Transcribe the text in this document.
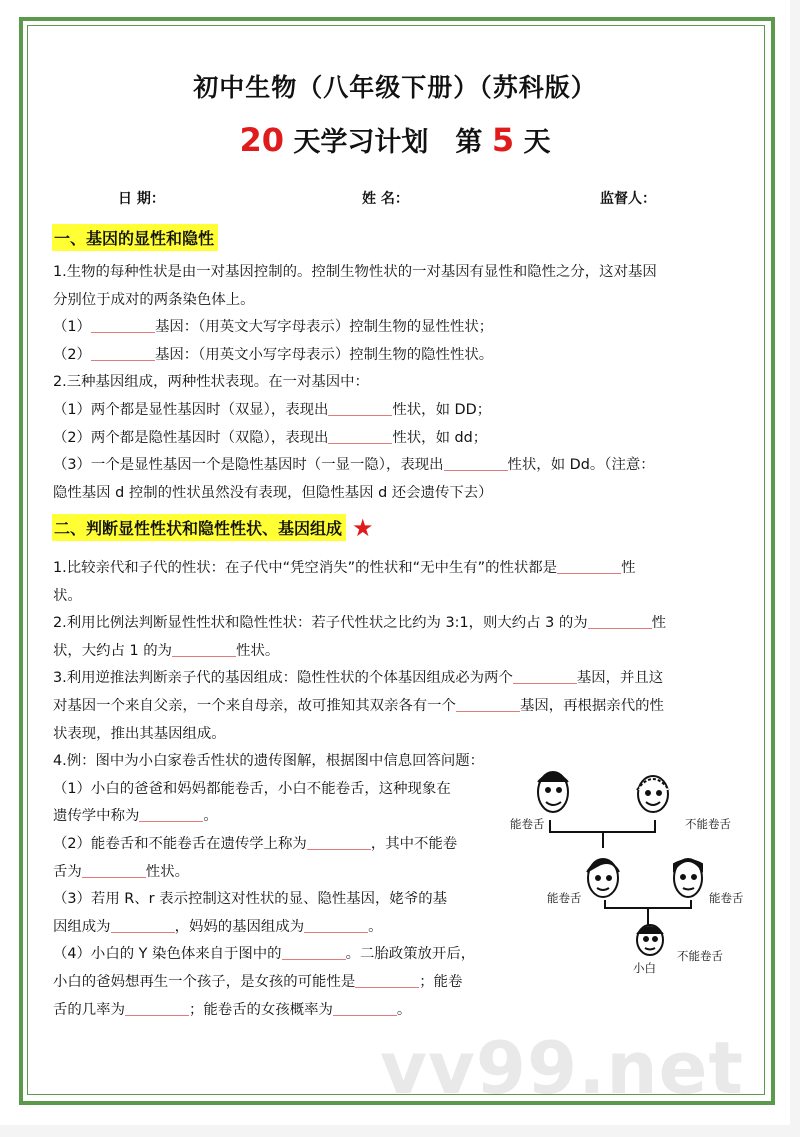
vv99.net
初中生物（八年级下册）（苏科版）
20 天学习计划　第 5 天
日 期：	姓 名：	监督人：
一、基因的显性和隐性
1.生物的每种性状是由一对基因控制的。控制生物性状的一对基因有显性和隐性之分，这对基因
分别位于成对的两条染色体上。
（1）	基因：（用英文大写字母表示）控制生物的显性性状；
（2）	基因：（用英文小写字母表示）控制生物的隐性性状。
2.三种基因组成，两种性状表现。在一对基因中：
（1）两个都是显性基因时（双显），表现出	性状，如 DD；
（2）两个都是隐性基因时（双隐），表现出	性状，如 dd；
（3）一个是显性基因一个是隐性基因时（一显一隐），表现出	性状，如 Dd。（注意：
隐性基因 d 控制的性状虽然没有表现，但隐性基因 d 还会遗传下去）
二、判断显性性状和隐性性状、基因组成 ★
1.比较亲代和子代的性状：在子代中“凭空消失”的性状和“无中生有”的性状都是	性
状。
2.利用比例法判断显性性状和隐性性状：若子代性状之比约为 3:1，则大约占 3 的为	性
状，大约占 1 的为	性状。
3.利用逆推法判断亲子代的基因组成：隐性性状的个体基因组成必为两个	基因，并且这
对基因一个来自父亲，一个来自母亲，故可推知其双亲各有一个	基因，再根据亲代的性
状表现，推出其基因组成。
4.例：图中为小白家卷舌性状的遗传图解，根据图中信息回答问题：
（1）小白的爸爸和妈妈都能卷舌，小白不能卷舌，这种现象在
遗传学中称为	。
（2）能卷舌和不能卷舌在遗传学上称为	，其中不能卷
舌为	性状。
（3）若用 R、r 表示控制这对性状的显、隐性基因，姥爷的基
因组成为	，妈妈的基因组成为	。
（4）小白的 Y 染色体来自于图中的	。二胎政策放开后，
小白的爸妈想再生一个孩子，是女孩的可能性是	；能卷
舌的几率为	；能卷舌的女孩概率为	。
能卷舌	不能卷舌
能卷舌	能卷舌
小白
不能卷舌
